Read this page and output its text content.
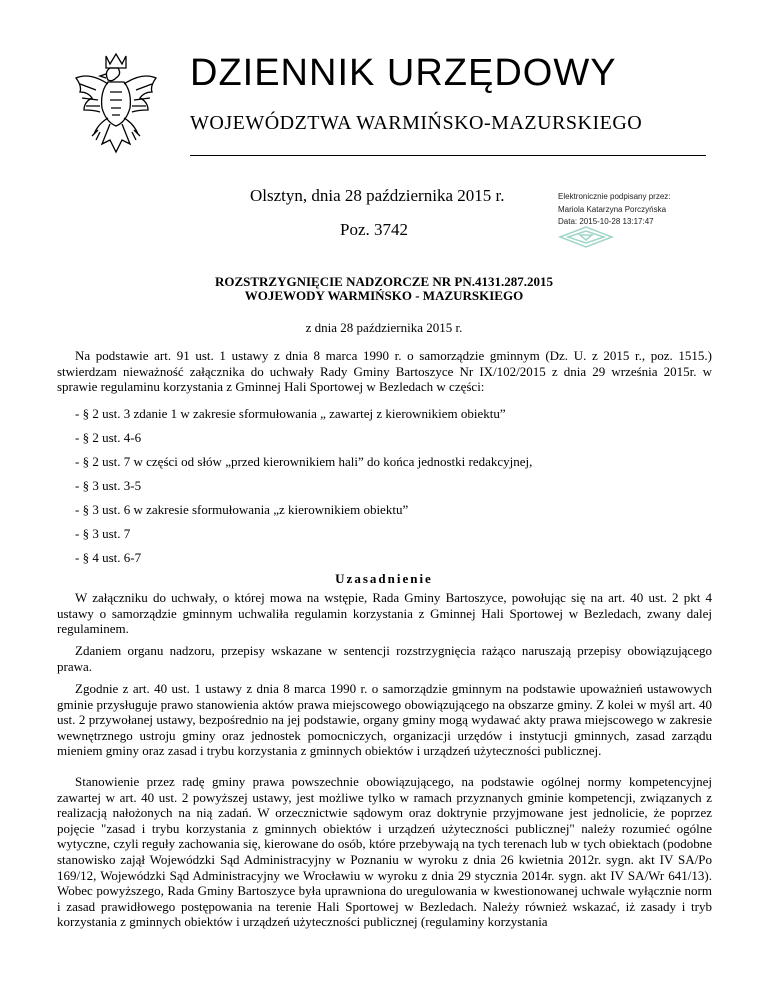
DZIENNIK URZĘDOWY
WOJEWÓDZTWA WARMIŃSKO-MAZURSKIEGO
Olsztyn, dnia 28 października 2015 r.
Poz. 3742
Elektronicznie podpisany przez:
Mariola Katarzyna Porczyńska
Data: 2015-10-28 13:17:47
ROZSTRZYGNIĘCIE NADZORCZE NR PN.4131.287.2015
WOJEWODY WARMIŃSKO - MAZURSKIEGO
z dnia 28 października 2015 r.
Na podstawie art. 91 ust. 1 ustawy z dnia 8 marca 1990 r. o samorządzie gminnym (Dz. U. z 2015 r., poz. 1515.) stwierdzam nieważność załącznika do uchwały Rady Gminy Bartoszyce Nr IX/102/2015 z dnia 29 września 2015r. w sprawie regulaminu korzystania z Gminnej Hali Sportowej w Bezledach w części:
- § 2 ust. 3 zdanie 1 w zakresie sformułowania „ zawartej z kierownikiem obiektu”
- § 2 ust. 4-6
- § 2 ust. 7 w części od słów „przed kierownikiem hali” do końca jednostki redakcyjnej,
- § 3 ust. 3-5
- § 3 ust. 6 w zakresie sformułowania „z kierownikiem obiektu”
- § 3 ust. 7
- § 4 ust. 6-7
Uzasadnienie
W załączniku do uchwały, o której mowa na wstępie, Rada Gminy Bartoszyce, powołując się na art. 40 ust. 2 pkt 4 ustawy o samorządzie gminnym uchwaliła regulamin korzystania z Gminnej Hali Sportowej w Bezledach, zwany dalej regulaminem.
Zdaniem organu nadzoru, przepisy wskazane w sentencji rozstrzygnięcia rażąco naruszają przepisy obowiązującego prawa.
Zgodnie z art. 40 ust. 1 ustawy z dnia 8 marca 1990 r. o samorządzie gminnym na podstawie upoważnień ustawowych gminie przysługuje prawo stanowienia aktów prawa miejscowego obowiązującego na obszarze gminy. Z kolei w myśl art. 40 ust. 2 przywołanej ustawy, bezpośrednio na jej podstawie, organy gminy mogą wydawać akty prawa miejscowego w zakresie wewnętrznego ustroju gminy oraz jednostek pomocniczych, organizacji urzędów i instytucji gminnych, zasad zarządu mieniem gminy oraz zasad i trybu korzystania z gminnych obiektów i urządzeń użyteczności publicznej.
Stanowienie przez radę gminy prawa powszechnie obowiązującego, na podstawie ogólnej normy kompetencyjnej zawartej w art. 40 ust. 2 powyższej ustawy, jest możliwe tylko w ramach przyznanych gminie kompetencji, związanych z realizacją nałożonych na nią zadań. W orzecznictwie sądowym oraz doktrynie przyjmowane jest jednolicie, że poprzez pojęcie "zasad i trybu korzystania z gminnych obiektów i urządzeń użyteczności publicznej" należy rozumieć ogólne wytyczne, czyli reguły zachowania się, kierowane do osób, które przebywają na tych terenach lub w tych obiektach (podobne stanowisko zajął Wojewódzki Sąd Administracyjny w Poznaniu w wyroku z dnia 26 kwietnia 2012r. sygn. akt IV SA/Po 169/12, Wojewódzki Sąd Administracyjny we Wrocławiu w wyroku z dnia 29 stycznia 2014r. sygn. akt IV SA/Wr 641/13). Wobec powyższego, Rada Gminy Bartoszyce była uprawniona do uregulowania w kwestionowanej uchwale wyłącznie norm i zasad prawidłowego postępowania na terenie Hali Sportowej w Bezledach. Należy również wskazać, iż zasady i tryb korzystania z gminnych obiektów i urządzeń użyteczności publicznej (regulaminy korzystania
